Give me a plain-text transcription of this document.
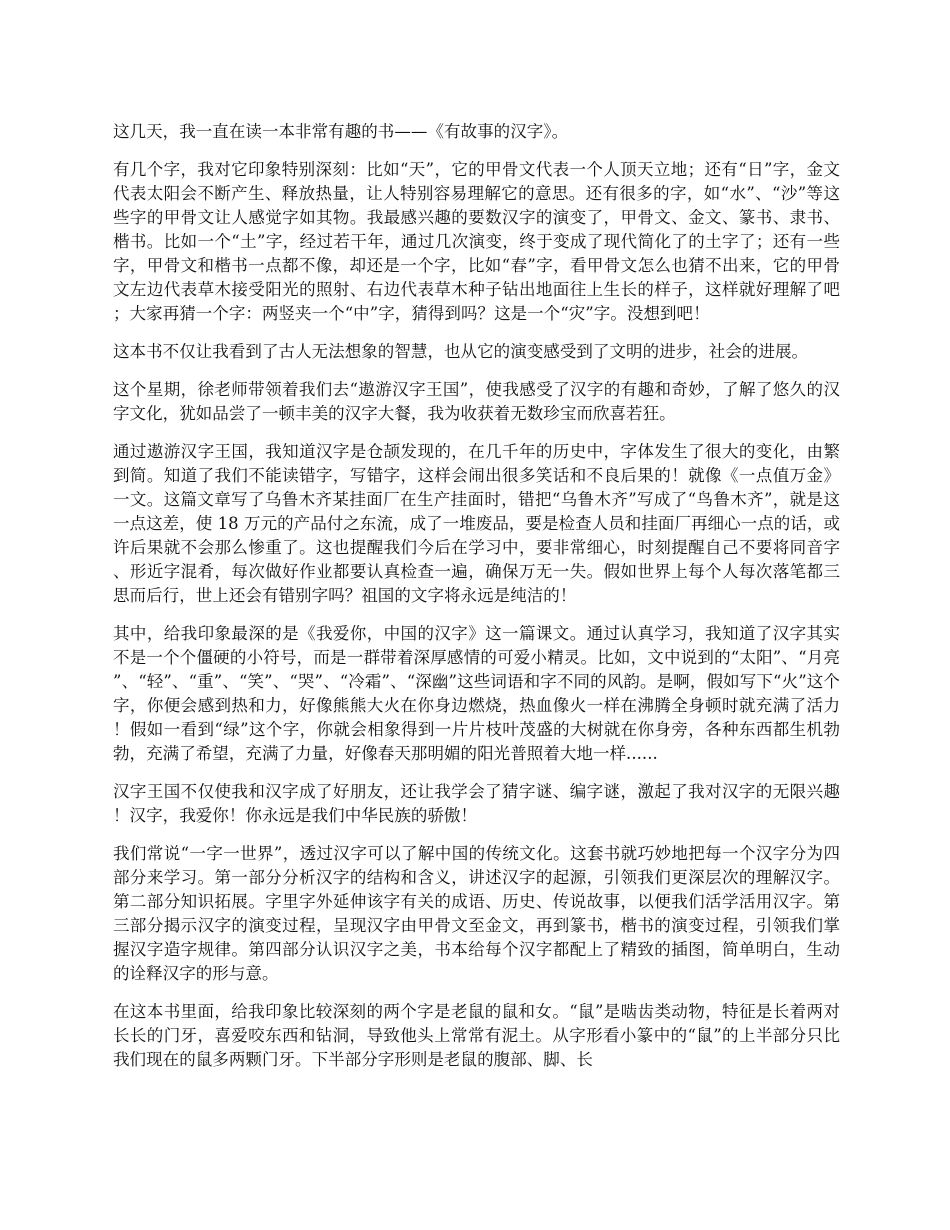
这几天，我一直在读一本非常有趣的书——《有故事的汉字》。

有几个字，我对它印象特别深刻：比如“天”，它的甲骨文代表一个人顶天立地；还有“日”字，金文代表太阳会不断产生、释放热量，让人特别容易理解它的意思。还有很多的字，如“水”、“沙”等这些字的甲骨文让人感觉字如其物。我最感兴趣的要数汉字的演变了，甲骨文、金文、篆书、隶书、楷书。比如一个“土”字，经过若干年，通过几次演变，终于变成了现代简化了的土字了；还有一些字，甲骨文和楷书一点都不像，却还是一个字，比如“春”字，看甲骨文怎么也猜不出来，它的甲骨文左边代表草木接受阳光的照射、右边代表草木种子钻出地面往上生长的样子，这样就好理解了吧；大家再猜一个字：两竖夹一个“中”字，猜得到吗？这是一个“灾”字。没想到吧！

这本书不仅让我看到了古人无法想象的智慧，也从它的演变感受到了文明的进步，社会的进展。

这个星期，徐老师带领着我们去“遨游汉字王国”，使我感受了汉字的有趣和奇妙，了解了悠久的汉字文化，犹如品尝了一顿丰美的汉字大餐，我为收获着无数珍宝而欣喜若狂。

通过遨游汉字王国，我知道汉字是仓颉发现的，在几千年的历史中，字体发生了很大的变化，由繁到简。知道了我们不能读错字，写错字，这样会闹出很多笑话和不良后果的！就像《一点值万金》一文。这篇文章写了乌鲁木齐某挂面厂在生产挂面时，错把“乌鲁木齐”写成了“鸟鲁木齐”，就是这一点这差，使 18 万元的产品付之东流，成了一堆废品，要是检查人员和挂面厂再细心一点的话，或许后果就不会那么惨重了。这也提醒我们今后在学习中，要非常细心，时刻提醒自己不要将同音字、形近字混肴，每次做好作业都要认真检查一遍，确保万无一失。假如世界上每个人每次落笔都三思而后行，世上还会有错别字吗？祖国的文字将永远是纯洁的！

其中，给我印象最深的是《我爱你，中国的汉字》这一篇课文。通过认真学习，我知道了汉字其实不是一个个僵硬的小符号，而是一群带着深厚感情的可爱小精灵。比如，文中说到的“太阳”、“月亮”、“轻”、“重”、“笑”、“哭”、“冷霜”、“深幽”这些词语和字不同的风韵。是啊，假如写下“火”这个字，你便会感到热和力，好像熊熊大火在你身边燃烧，热血像火一样在沸腾全身顿时就充满了活力！假如一看到“绿”这个字，你就会相象得到一片片枝叶茂盛的大树就在你身旁，各种东西都生机勃勃，充满了希望，充满了力量，好像春天那明媚的阳光普照着大地一样......

汉字王国不仅使我和汉字成了好朋友，还让我学会了猜字谜、编字谜，激起了我对汉字的无限兴趣！汉字，我爱你！你永远是我们中华民族的骄傲！

我们常说“一字一世界”，透过汉字可以了解中国的传统文化。这套书就巧妙地把每一个汉字分为四部分来学习。第一部分分析汉字的结构和含义，讲述汉字的起源，引领我们更深层次的理解汉字。第二部分知识拓展。字里字外延伸该字有关的成语、历史、传说故事，以便我们活学活用汉字。第三部分揭示汉字的演变过程，呈现汉字由甲骨文至金文，再到篆书，楷书的演变过程，引领我们掌握汉字造字规律。第四部分认识汉字之美，书本给每个汉字都配上了精致的插图，简单明白，生动的诠释汉字的形与意。

在这本书里面，给我印象比较深刻的两个字是老鼠的鼠和女。“鼠”是啮齿类动物，特征是长着两对长长的门牙，喜爱咬东西和钻洞，导致他头上常常有泥土。从字形看小篆中的“鼠”的上半部分只比我们现在的鼠多两颗门牙。下半部分字形则是老鼠的腹部、脚、长
